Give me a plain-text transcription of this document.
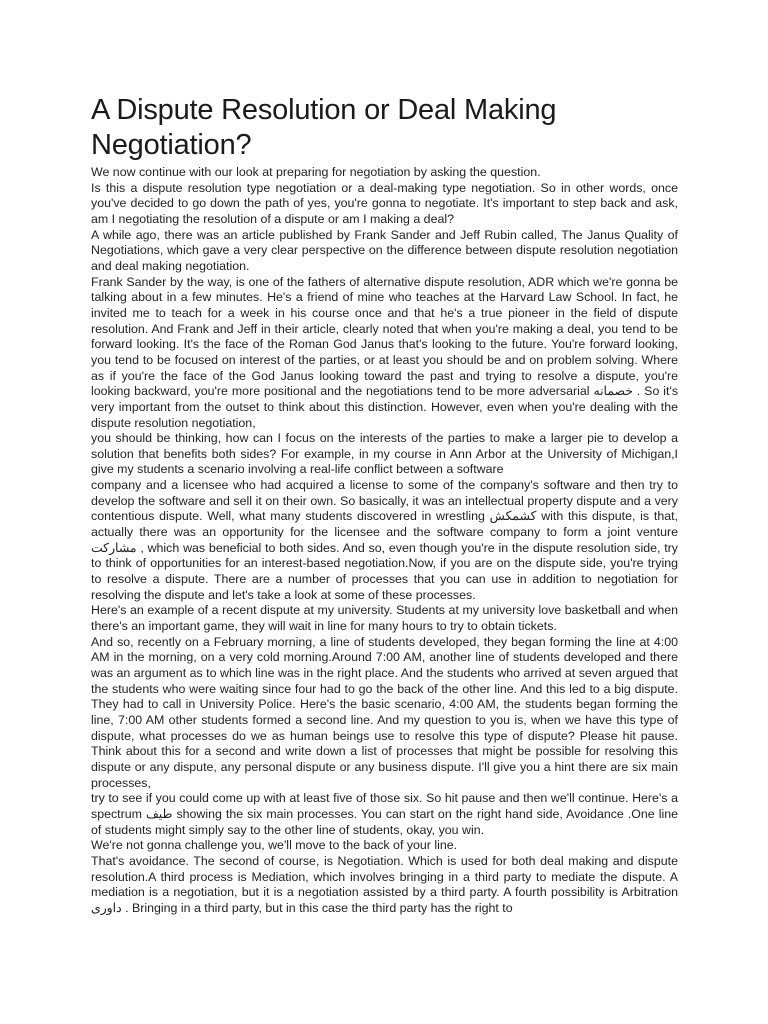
A Dispute Resolution or Deal Making Negotiation?

We now continue with our look at preparing for negotiation by asking the question.

Is this a dispute resolution type negotiation or a deal-making type negotiation. So in other words, once you've decided to go down the path of yes, you're gonna to negotiate. It's important to step back and ask, am I negotiating the resolution of a dispute or am I making a deal?

A while ago, there was an article published by Frank Sander and Jeff Rubin called, The Janus Quality of Negotiations, which gave a very clear perspective on the difference between dispute resolution negotiation and deal making negotiation.

Frank Sander by the way, is one of the fathers of alternative dispute resolution, ADR which we're gonna be talking about in a few minutes. He's a friend of mine who teaches at the Harvard Law School. In fact, he invited me to teach for a week in his course once and that he's a true pioneer in the field of dispute resolution. And Frank and Jeff in their article, clearly noted that when you're making a deal, you tend to be forward looking. It's the face of the Roman God Janus that's looking to the future. You're forward looking, you tend to be focused on interest of the parties, or at least you should be and on problem solving. Where as if you're the face of the God Janus looking toward the past and trying to resolve a dispute, you're looking backward, you're more positional and the negotiations tend to be more adversarial خصمانه . So it's very important from the outset to think about this distinction. However, even when you're dealing with the dispute resolution negotiation,

you should be thinking, how can I focus on the interests of the parties to make a larger pie to develop a solution that benefits both sides? For example, in my course in Ann Arbor at the University of Michigan,I give my students a scenario involving a real-life conflict between a software

company and a licensee who had acquired a license to some of the company's software and then try to develop the software and sell it on their own. So basically, it was an intellectual property dispute and a very contentious dispute. Well, what many students discovered in wrestling کشمکش with this dispute, is that, actually there was an opportunity for the licensee and the software company to form a joint venture مشارکت , which was beneficial to both sides. And so, even though you're in the dispute resolution side, try to think of opportunities for an interest-based negotiation.Now, if you are on the dispute side, you're trying to resolve a dispute. There are a number of processes that you can use in addition to negotiation for resolving the dispute and let's take a look at some of these processes.

Here's an example of a recent dispute at my university. Students at my university love basketball and when there's an important game, they will wait in line for many hours to try to obtain tickets.

And so, recently on a February morning, a line of students developed, they began forming the line at 4:00 AM in the morning, on a very cold morning.Around 7:00 AM, another line of students developed and there was an argument as to which line was in the right place. And the students who arrived at seven argued that the students who were waiting since four had to go the back of the other line. And this led to a big dispute. They had to call in University Police. Here's the basic scenario, 4:00 AM, the students began forming the line, 7:00 AM other students formed a second line. And my question to you is, when we have this type of dispute, what processes do we as human beings use to resolve this type of dispute? Please hit pause. Think about this for a second and write down a list of processes that might be possible for resolving this dispute or any dispute, any personal dispute or any business dispute. I'll give you a hint there are six main processes,

try to see if you could come up with at least five of those six. So hit pause and then we'll continue. Here's a spectrum طیف showing the six main processes. You can start on the right hand side, Avoidance .One line of students might simply say to the other line of students, okay, you win.

We're not gonna challenge you, we'll move to the back of your line.

That's avoidance. The second of course, is Negotiation. Which is used for both deal making and dispute resolution.A third process is Mediation, which involves bringing in a third party to mediate the dispute. A mediation is a negotiation, but it is a negotiation assisted by a third party. A fourth possibility is Arbitration داوری . Bringing in a third party, but in this case the third party has the right to
